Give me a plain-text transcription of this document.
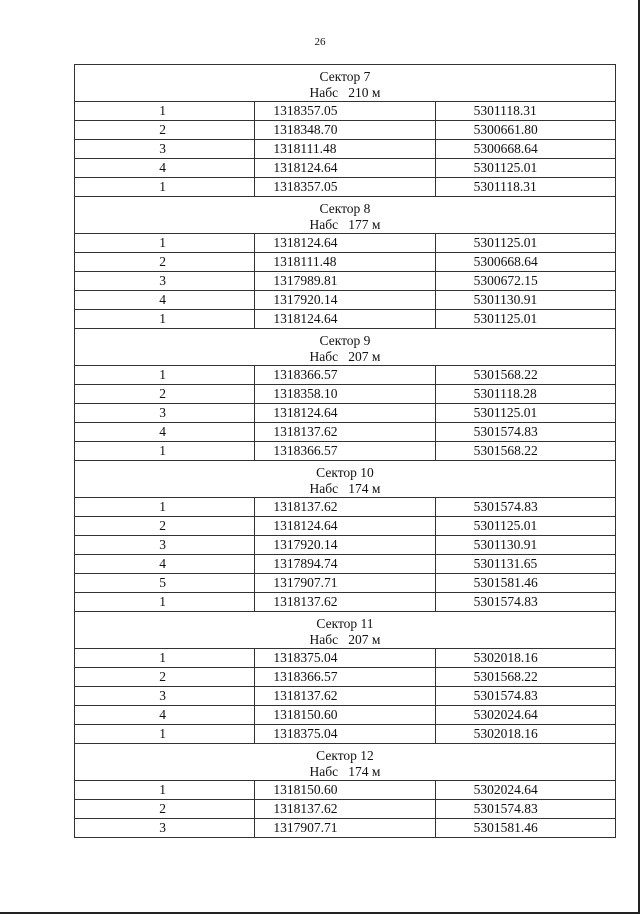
26
Сектор 7
Набс   210 м		

1	1318357.05	5301118.31
2	1318348.70	5300661.80
3	1318111.48	5300668.64
4	1318124.64	5301125.01
1	1318357.05	5301118.31

Сектор 8
Набс   177 м		

1	1318124.64	5301125.01
2	1318111.48	5300668.64
3	1317989.81	5300672.15
4	1317920.14	5301130.91
1	1318124.64	5301125.01

Сектор 9
Набс   207 м		

1	1318366.57	5301568.22
2	1318358.10	5301118.28
3	1318124.64	5301125.01
4	1318137.62	5301574.83
1	1318366.57	5301568.22

Сектор 10
Набс   174 м		

1	1318137.62	5301574.83
2	1318124.64	5301125.01
3	1317920.14	5301130.91
4	1317894.74	5301131.65
5	1317907.71	5301581.46
1	1318137.62	5301574.83

Сектор 11
Набс   207 м		

1	1318375.04	5302018.16
2	1318366.57	5301568.22
3	1318137.62	5301574.83
4	1318150.60	5302024.64
1	1318375.04	5302018.16

Сектор 12
Набс   174 м		

1	1318150.60	5302024.64
2	1318137.62	5301574.83
3	1317907.71	5301581.46
